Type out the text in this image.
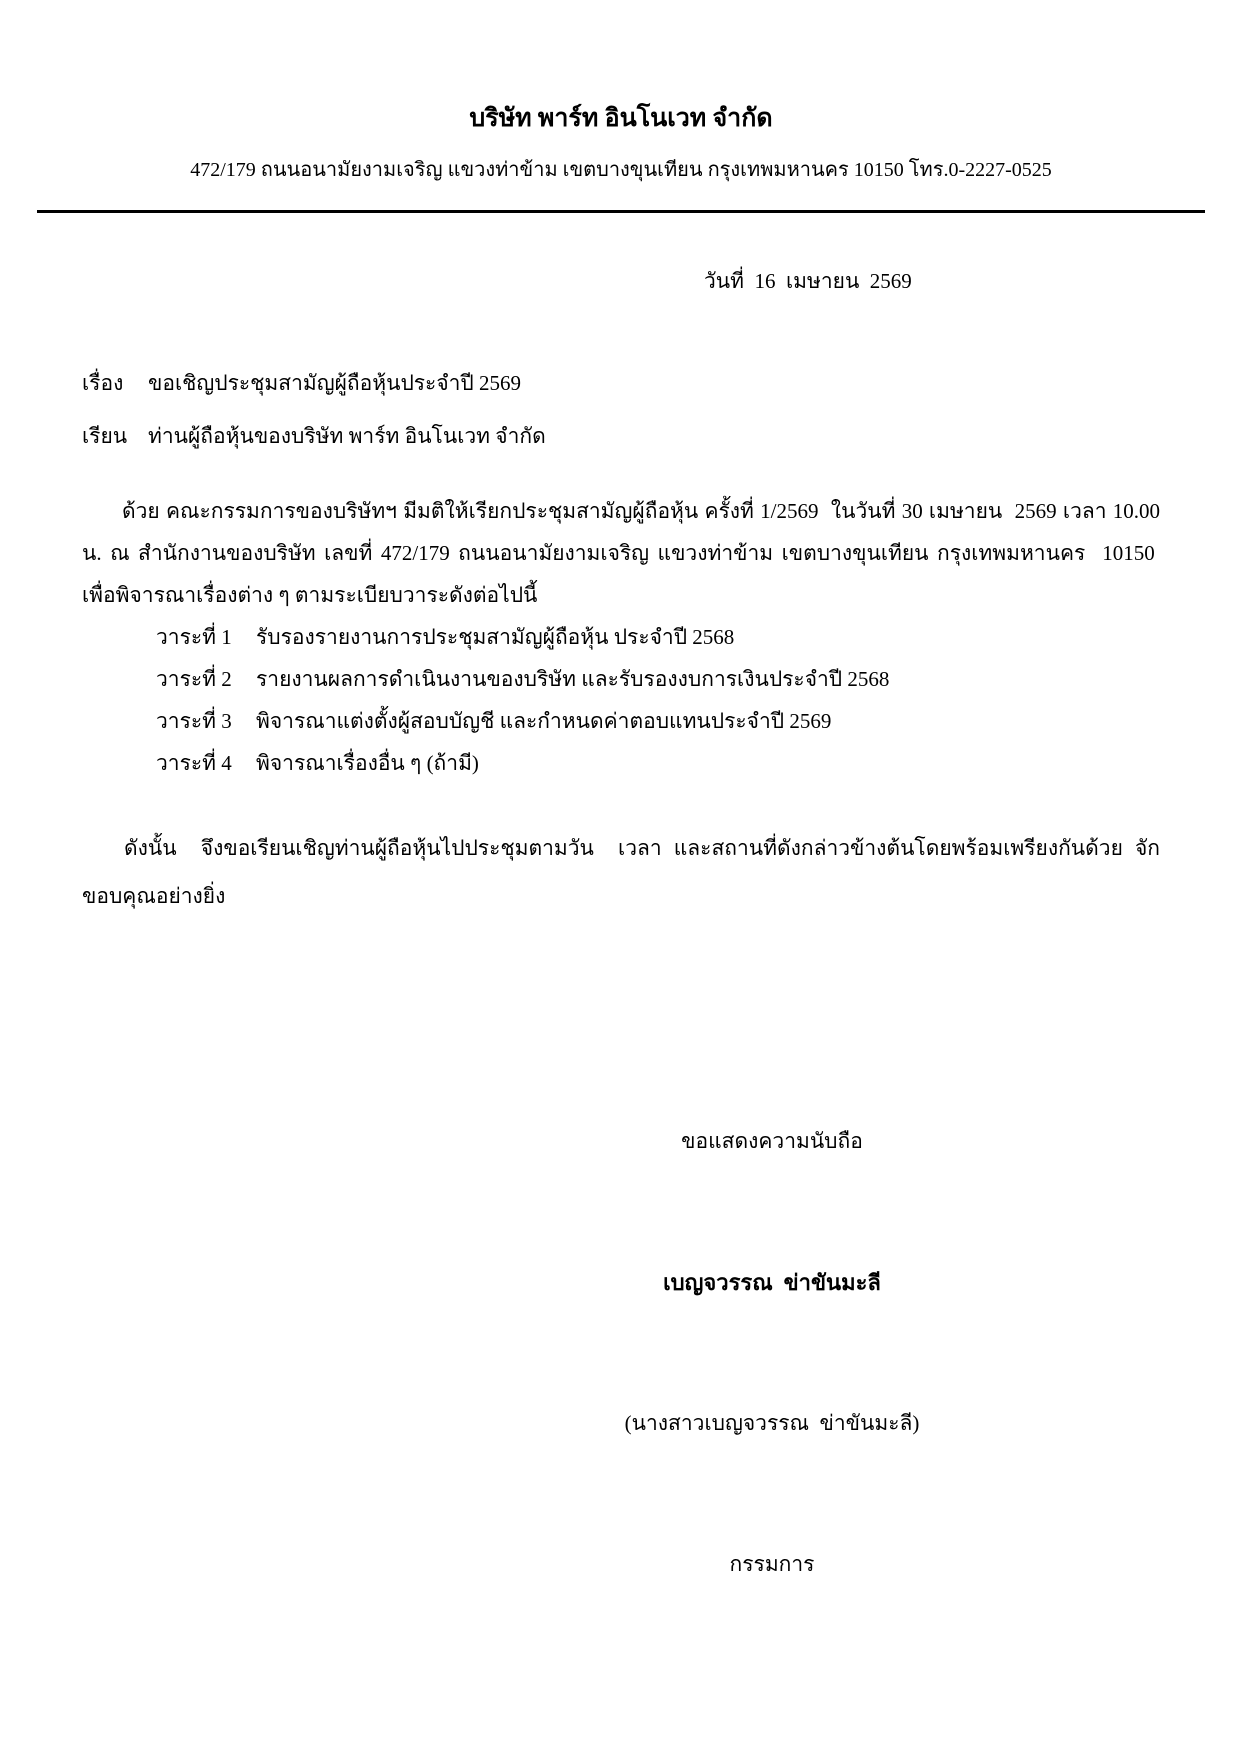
บริษัท พาร์ท อินโนเวท จำกัด
472/179 ถนนอนามัยงามเจริญ แขวงท่าข้าม เขตบางขุนเทียน กรุงเทพมหานคร 10150 โทร.0-2227-0525

วันที่  16  เมษายน  2569

เรื่อง	ขอเชิญประชุมสามัญผู้ถือหุ้นประจำปี 2569
เรียน ท่านผู้ถือหุ้นของบริษัท พาร์ท อินโนเวท จำกัด

ด้วย คณะกรรมการของบริษัทฯ มีมติให้เรียกประชุมสามัญผู้ถือหุ้น ครั้งที่ 1/2569  ในวันที่ 30 เมษายน  2569 เวลา 10.00 น. ณ สำนักงานของบริษัท เลขที่ 472/179 ถนนอนามัยงามเจริญ แขวงท่าข้าม เขตบางขุนเทียน กรุงเทพมหานคร  10150  เพื่อพิจารณาเรื่องต่าง ๆ ตามระเบียบวาระดังต่อไปนี้

วาระที่ 1	รับรองรายงานการประชุมสามัญผู้ถือหุ้น ประจำปี 2568
วาระที่ 2	รายงานผลการดำเนินงานของบริษัท และรับรองงบการเงินประจำปี 2568
วาระที่ 3	พิจารณาแต่งตั้งผู้สอบบัญชี และกำหนดค่าตอบแทนประจำปี 2569
วาระที่ 4	พิจารณาเรื่องอื่น ๆ (ถ้ามี)

ดังนั้น  จึงขอเรียนเชิญท่านผู้ถือหุ้นไปประชุมตามวัน  เวลา และสถานที่ดังกล่าวข้างต้นโดยพร้อมเพรียงกันด้วย จักขอบคุณอย่างยิ่ง

ขอแสดงความนับถือ

เบญจวรรณ  ข่าขันมะลี

(นางสาวเบญจวรรณ  ข่าขันมะลี)

กรรมการ
